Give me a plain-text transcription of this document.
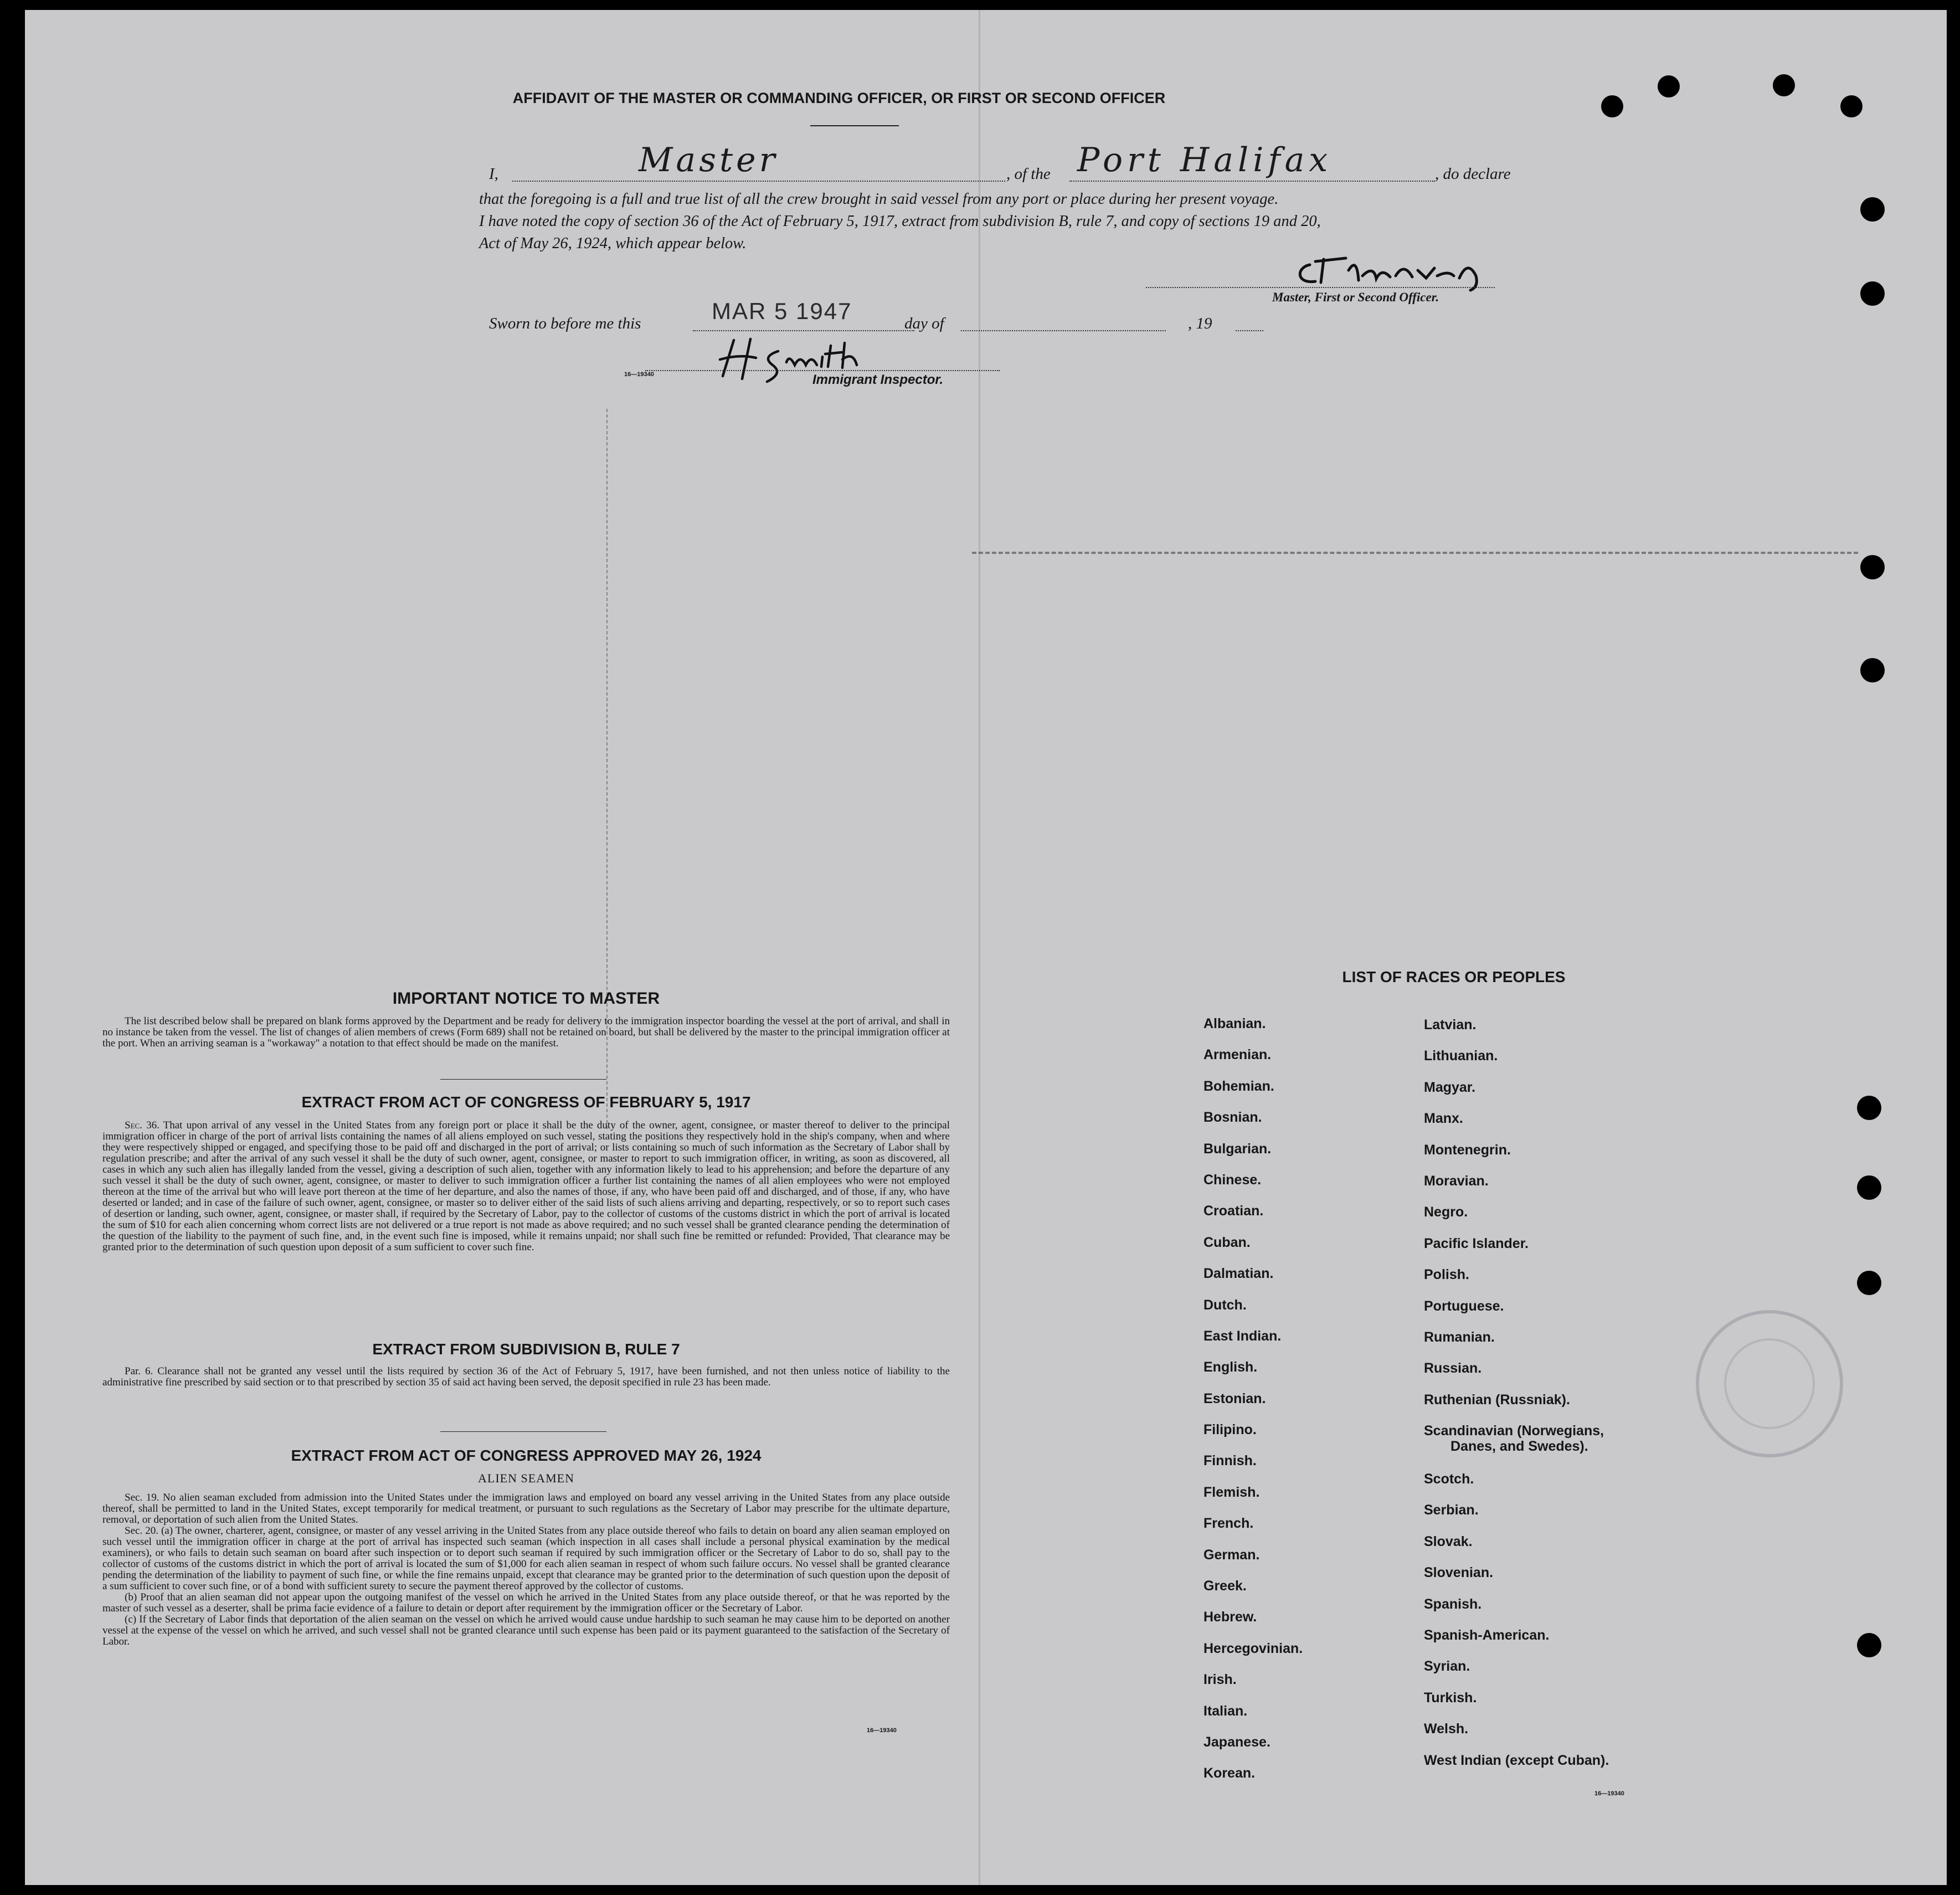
AFFIDAVIT OF THE MASTER OR COMMANDING OFFICER, OR FIRST OR SECOND OFFICER
I,	Master	, of the Port Halifax	, do declare
that the foregoing is a full and true list of all the crew brought in said vessel from any port or place during her present voyage.
I have noted the copy of section 36 of the Act of February 5, 1917, extract from subdivision B, rule 7, and copy of sections 19 and 20,
Act of May 26, 1924, which appear below.
Master, First or Second Officer.
Sworn to before me this	MAR 5 1947	day of	, 19
16—19340	Immigrant Inspector.
IMPORTANT NOTICE TO MASTER

The list described below shall be prepared on blank forms approved by the Department and be ready for delivery to the immigration inspector boarding the vessel at the port of arrival, and shall in no instance be taken from the vessel. The list of changes of alien members of crews (Form 689) shall not be retained on board, but shall be delivered by the master to the principal immigration officer at the port. When an arriving seaman is a "workaway" a notation to that effect should be made on the manifest.

EXTRACT FROM ACT OF CONGRESS OF FEBRUARY 5, 1917

Sec. 36. That upon arrival of any vessel in the United States from any foreign port or place it shall be the duty of the owner, agent, consignee, or master thereof to deliver to the principal immigration officer in charge of the port of arrival lists containing the names of all aliens employed on such vessel, stating the positions they respectively hold in the ship's company, when and where they were respectively shipped or engaged, and specifying those to be paid off and discharged in the port of arrival; or lists containing so much of such information as the Secretary of Labor shall by regulation prescribe; and after the arrival of any such vessel it shall be the duty of such owner, agent, consignee, or master to report to such immigration officer, in writing, as soon as discovered, all cases in which any such alien has illegally landed from the vessel, giving a description of such alien, together with any information likely to lead to his apprehension; and before the departure of any such vessel it shall be the duty of such owner, agent, consignee, or master to deliver to such immigration officer a further list containing the names of all alien employees who were not employed thereon at the time of the arrival but who will leave port thereon at the time of her departure, and also the names of those, if any, who have been paid off and discharged, and of those, if any, who have deserted or landed; and in case of the failure of such owner, agent, consignee, or master so to deliver either of the said lists of such aliens arriving and departing, respectively, or so to report such cases of desertion or landing, such owner, agent, consignee, or master shall, if required by the Secretary of Labor, pay to the collector of customs of the customs district in which the port of arrival is located the sum of $10 for each alien concerning whom correct lists are not delivered or a true report is not made as above required; and no such vessel shall be granted clearance pending the determination of the question of the liability to the payment of such fine, and, in the event such fine is imposed, while it remains unpaid; nor shall such fine be remitted or refunded: Provided, That clearance may be granted prior to the determination of such question upon deposit of a sum sufficient to cover such fine.

EXTRACT FROM SUBDIVISION B, RULE 7

Par. 6. Clearance shall not be granted any vessel until the lists required by section 36 of the Act of February 5, 1917, have been furnished, and not then unless notice of liability to the administrative fine prescribed by said section or to that prescribed by section 35 of said act having been served, the deposit specified in rule 23 has been made.

EXTRACT FROM ACT OF CONGRESS APPROVED MAY 26, 1924
ALIEN SEAMEN

Sec. 19. No alien seaman excluded from admission into the United States under the immigration laws and employed on board any vessel arriving in the United States from any place outside thereof, shall be permitted to land in the United States, except temporarily for medical treatment, or pursuant to such regulations as the Secretary of Labor may prescribe for the ultimate departure, removal, or deportation of such alien from the United States.

Sec. 20. (a) The owner, charterer, agent, consignee, or master of any vessel arriving in the United States from any place outside thereof who fails to detain on board any alien seaman employed on such vessel until the immigration officer in charge at the port of arrival has inspected such seaman (which inspection in all cases shall include a personal physical examination by the medical examiners), or who fails to detain such seaman on board after such inspection or to deport such seaman if required by such immigration officer or the Secretary of Labor to do so, shall pay to the collector of customs of the customs district in which the port of arrival is located the sum of $1,000 for each alien seaman in respect of whom such failure occurs. No vessel shall be granted clearance pending the determination of the liability to payment of such fine, or while the fine remains unpaid, except that clearance may be granted prior to the determination of such question upon the deposit of a sum sufficient to cover such fine, or of a bond with sufficient surety to secure the payment thereof approved by the collector of customs.

(b) Proof that an alien seaman did not appear upon the outgoing manifest of the vessel on which he arrived in the United States from any place outside thereof, or that he was reported by the master of such vessel as a deserter, shall be prima facie evidence of a failure to detain or deport after requirement by the immigration officer or the Secretary of Labor.

(c) If the Secretary of Labor finds that deportation of the alien seaman on the vessel on which he arrived would cause undue hardship to such seaman he may cause him to be deported on another vessel at the expense of the vessel on which he arrived, and such vessel shall not be granted clearance until such expense has been paid or its payment guaranteed to the satisfaction of the Secretary of Labor.

16—19340
LIST OF RACES OR PEOPLES
Albanian.
Armenian.
Bohemian.
Bosnian.
Bulgarian.
Chinese.
Croatian.
Cuban.
Dalmatian.
Dutch.
East Indian.
English.
Estonian.
Filipino.
Finnish.
Flemish.
French.
German.
Greek.
Hebrew.
Hercegovinian.
Irish.
Italian.
Japanese.
Korean.
Latvian.
Lithuanian.
Magyar.
Manx.
Montenegrin.
Moravian.
Negro.
Pacific Islander.
Polish.
Portuguese.
Rumanian.
Russian.
Ruthenian (Russniak).
Scandinavian (Norwegians,
Danes, and Swedes).
Scotch.
Serbian.
Slovak.
Slovenian.
Spanish.
Spanish-American.
Syrian.
Turkish.
Welsh.
West Indian (except Cuban).
16—19340
